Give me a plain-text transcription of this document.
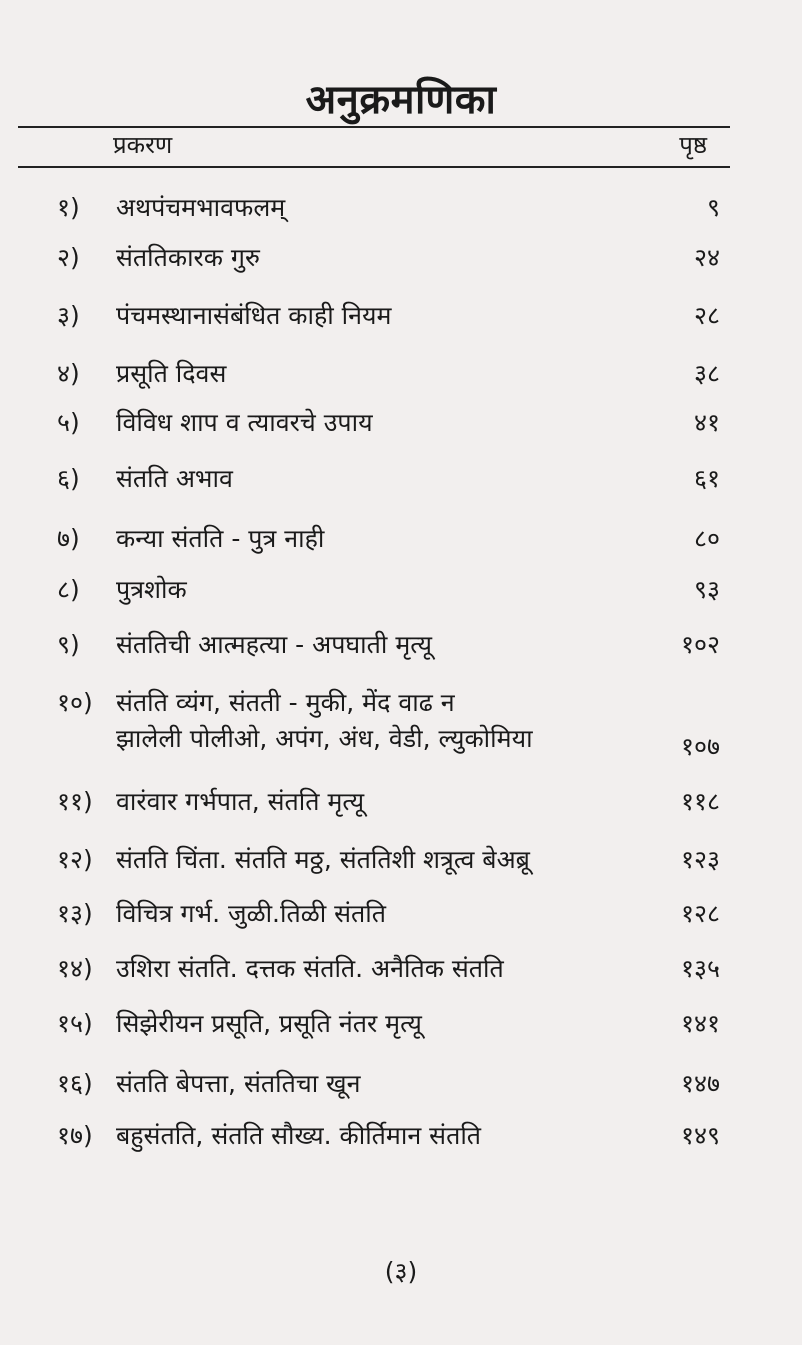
अनुक्रमणिका
प्रकरण	पृष्ठ
१) अथपंचमभावफलम्	९
२) संततिकारक गुरु	२४
३) पंचमस्थानासंबंधित काही नियम	२८
४) प्रसूति दिवस	३८
५) विविध शाप व त्यावरचे उपाय	४१
६) संतति अभाव	६१
७) कन्या संतति - पुत्र नाही	८०
८) पुत्रशोक	९३
९) संततिची आत्महत्या - अपघाती मृत्यू	१०२
१०) संतति व्यंग, संतती - मुकी, मेंद वाढ न
झालेली पोलीओ, अपंग, अंध, वेडी, ल्युकोमिया	१०७
११) वारंवार गर्भपात, संतति मृत्यू	११८
१२) संतति चिंता. संतति मठ्ठ, संततिशी शत्रूत्व बेअब्रू	१२३
१३) विचित्र गर्भ. जुळी.तिळी संतति	१२८
१४) उशिरा संतति. दत्तक संतति. अनैतिक संतति	१३५
१५) सिझेरीयन प्रसूति, प्रसूति नंतर मृत्यू	१४१
१६) संतति बेपत्ता, संततिचा खून	१४७
१७) बहुसंतति, संतति सौख्य. कीर्तिमान संतति	१४९
(३)
